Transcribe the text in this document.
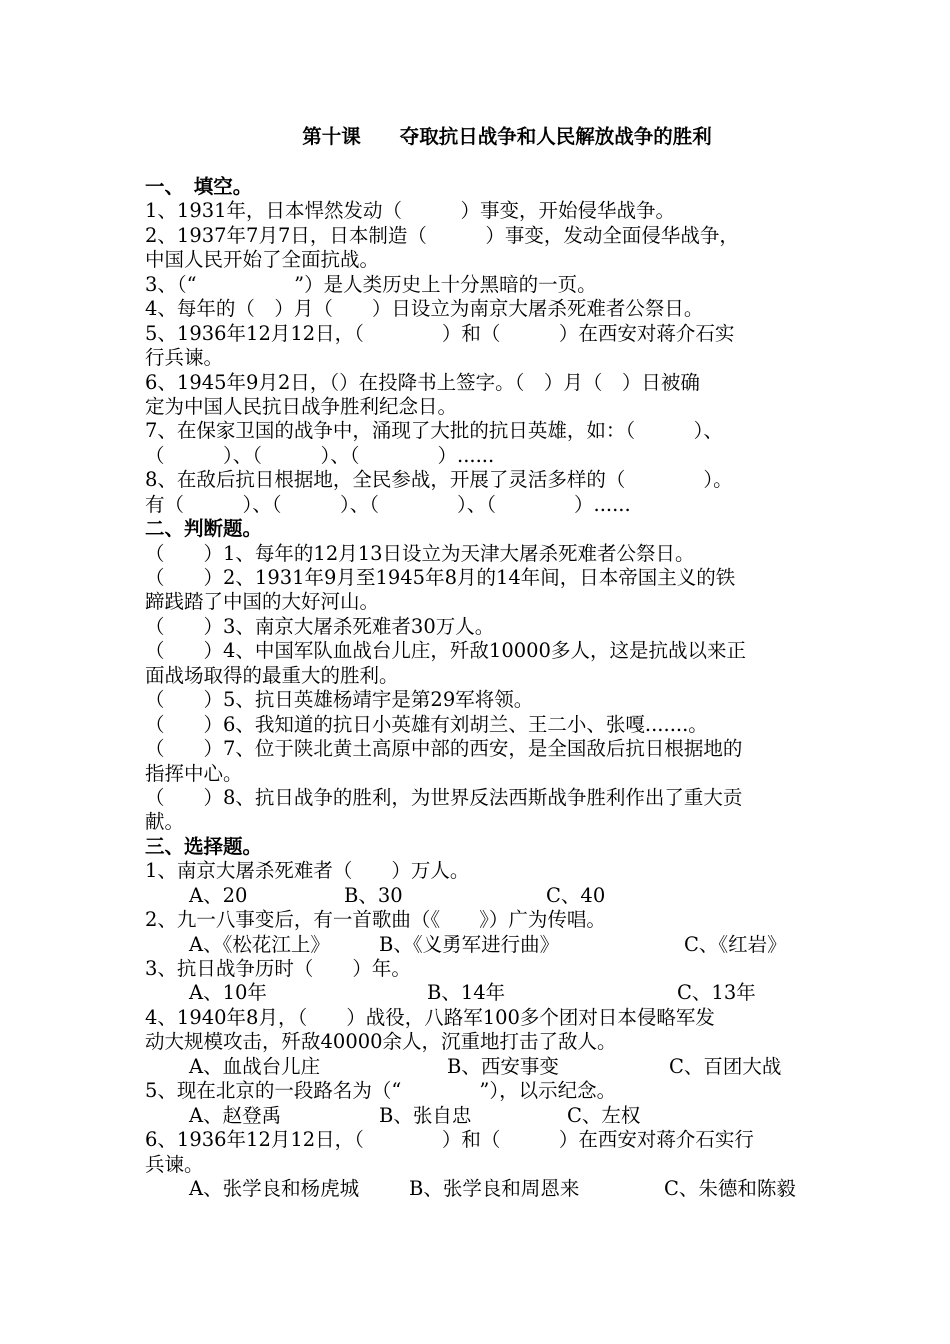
第十课　　夺取抗日战争和人民解放战争的胜利
一、　填空。
1、1931年，日本悍然发动（　　　）事变，开始侵华战争。
2、1937年7月7日，日本制造（　　　）事变，发动全面侵华战争，
中国人民开始了全面抗战。
3、（“　　　　　”）是人类历史上十分黑暗的一页。
4、每年的（　）月（　　）日设立为南京大屠杀死难者公祭日。
5、1936年12月12日，（　　　　）和（　　　）在西安对蒋介石实
行兵谏。
6、1945年9月2日，（）在投降书上签字。（　）月（　）日被确
定为中国人民抗日战争胜利纪念日。
7、在保家卫国的战争中，涌现了大批的抗日英雄，如：（　　　）、
（　　　）、（　　　）、（　　　　）......
8、在敌后抗日根据地，全民参战，开展了灵活多样的（　　　　）。
有（　　　）、（　　　）、（　　　　）、（　　　　）......
二、判断题。
（　　）1、每年的12月13日设立为天津大屠杀死难者公祭日。
（　　）2、1931年9月至1945年8月的14年间，日本帝国主义的铁
蹄践踏了中国的大好河山。
（　　）3、南京大屠杀死难者30万人。
（　　）4、中国军队血战台儿庄，歼敌10000多人，这是抗战以来正
面战场取得的最重大的胜利。
（　　）5、抗日英雄杨靖宇是第29军将领。
（　　）6、我知道的抗日小英雄有刘胡兰、王二小、张嘎.......。
（　　）7、位于陕北黄土高原中部的西安，是全国敌后抗日根据地的
指挥中心。
（　　）8、抗日战争的胜利，为世界反法西斯战争胜利作出了重大贡
献。
三、选择题。
1、南京大屠杀死难者（　　）万人。
A、20	B、30	C、40
2、九一八事变后，有一首歌曲（《　　》）广为传唱。
A、《松花江上》	B、《义勇军进行曲》	C、《红岩》
3、抗日战争历时（　　）年。
A、10年	B、14年	C、13年
4、1940年8月，（　　）战役，八路军100多个团对日本侵略军发
动大规模攻击，歼敌40000余人，沉重地打击了敌人。
A、血战台儿庄	B、西安事变	C、百团大战
5、现在北京的一段路名为（“　　　　”），以示纪念。
A、赵登禹	B、张自忠	C、左权
6、1936年12月12日，（　　　　）和（　　　）在西安对蒋介石实行
兵谏。
A、张学良和杨虎城	B、张学良和周恩来	C、朱德和陈毅
